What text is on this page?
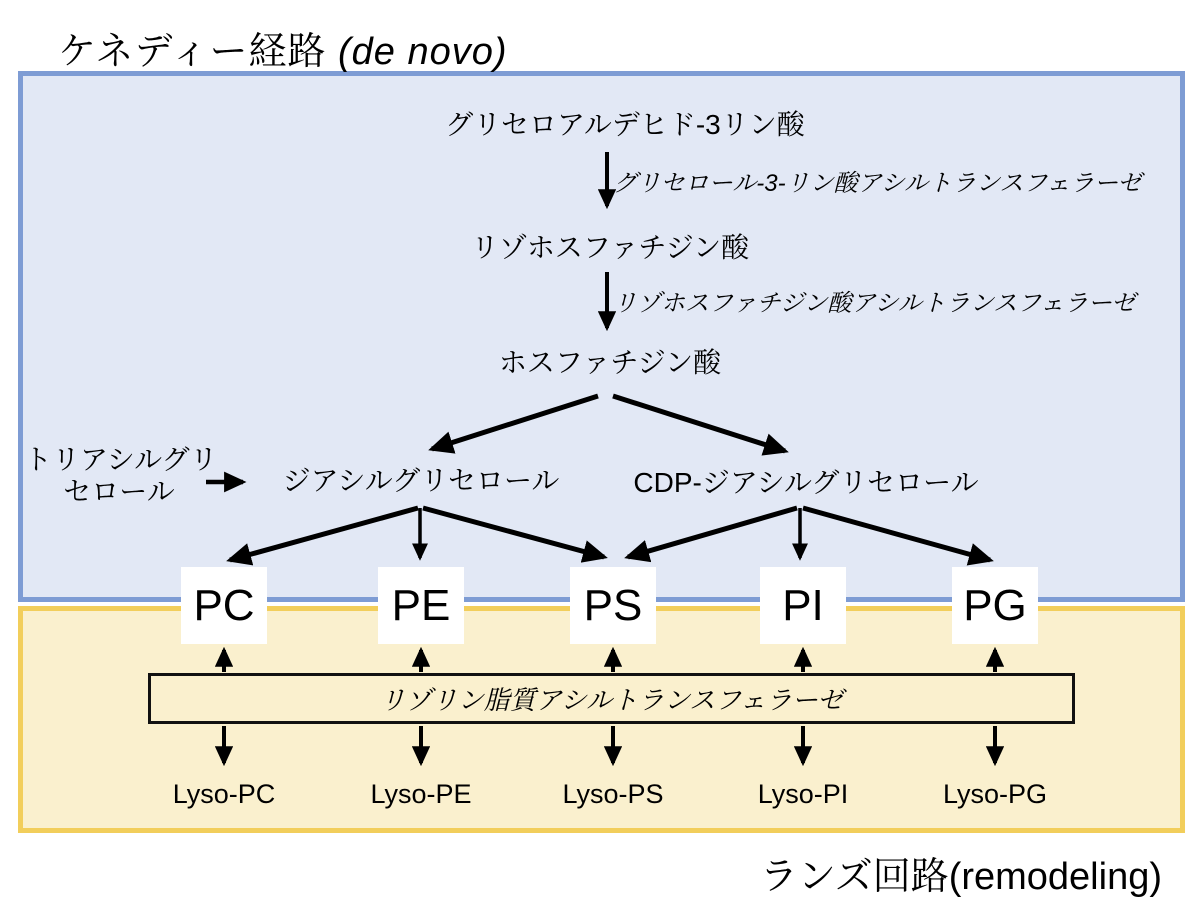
ケネディー経路 (de novo)
グリセロアルデヒド-3リン酸
グリセロール-3-リン酸アシルトランスフェラーゼ
リゾホスファチジン酸
リゾホスファチジン酸アシルトランスフェラーゼ
ホスファチジン酸
トリアシルグリ
セロール	ジアシルグリセロール	CDP-ジアシルグリセロール
PC	PE	PS	PI	PG
リゾリン脂質アシルトランスフェラーゼ
Lyso-PC	Lyso-PE	Lyso-PS	Lyso-PI	Lyso-PG
ランズ回路(remodeling)
